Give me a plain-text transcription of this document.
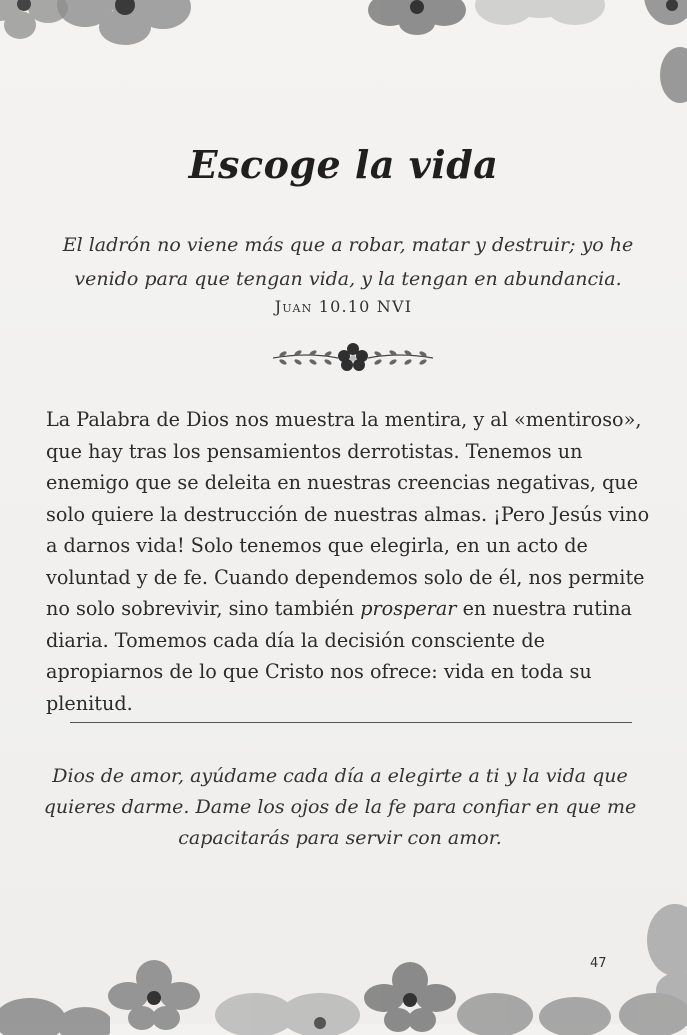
Escoge la vida
El ladrón no viene más que a robar, matar y destruir; yo he venido para que tengan vida, y la tengan en abundancia.
Juan 10.10 NVI

La Palabra de Dios nos muestra la mentira, y al «mentiroso», que hay tras los pensamientos derrotistas. Tenemos un enemigo que se deleita en nuestras creencias negativas, que solo quiere la destrucción de nuestras almas. ¡Pero Jesús vino a darnos vida! Solo tenemos que elegirla, en un acto de voluntad y de fe. Cuando dependemos solo de él, nos permite no solo sobrevivir, sino también prosperar en nuestra rutina diaria. Tomemos cada día la decisión consciente de apropiarnos de lo que Cristo nos ofrece: vida en toda su plenitud.

Dios de amor, ayúdame cada día a elegirte a ti y la vida que quieres darme. Dame los ojos de la fe para confiar en que me capacitarás para servir con amor.
47
